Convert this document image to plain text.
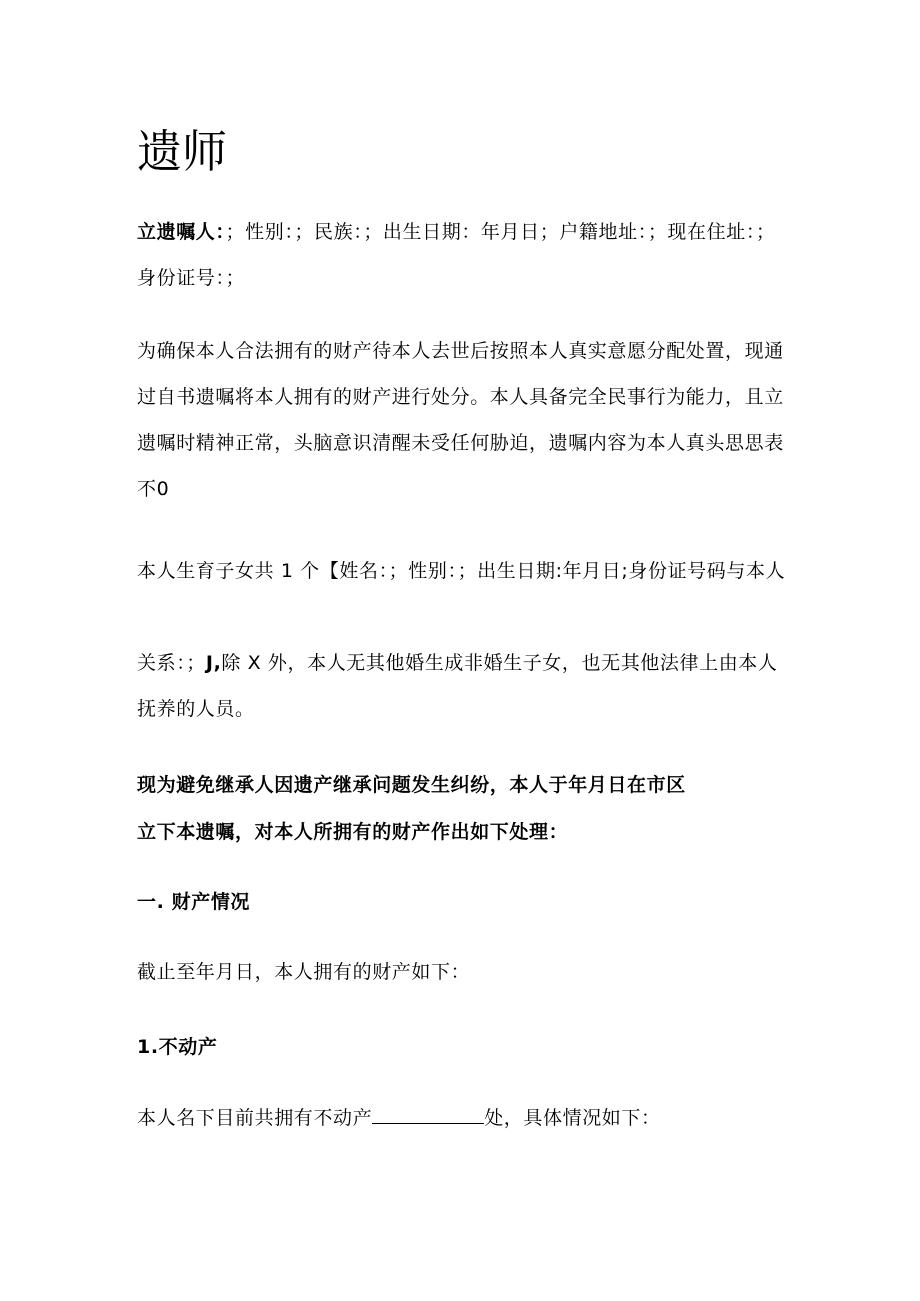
遗师

立遗嘱人：；性别：；民族：；出生日期：年月日；户籍地址：；现在住址：；身份证号：；

为确保本人合法拥有的财产待本人去世后按照本人真实意愿分配处置，现通过自书遗嘱将本人拥有的财产进行处分。本人具备完全民事行为能力，且立遗嘱时精神正常，头脑意识清醒未受任何胁迫，遗嘱内容为本人真头思思表不0

本人生育子女共 1 个【姓名：；性别：；出生日期:年月日;身份证号码与本人

关系：；J,除 X 外，本人无其他婚生成非婚生子女，也无其他法律上由本人抚养的人员。

现为避免继承人因遗产继承问题发生纠纷，本人于年月日在市区立下本遗嘱，对本人所拥有的财产作出如下处理：

一. 财产情况

截止至年月日，本人拥有的财产如下：

1.不动产

本人名下目前共拥有不动产	处，具体情况如下：
